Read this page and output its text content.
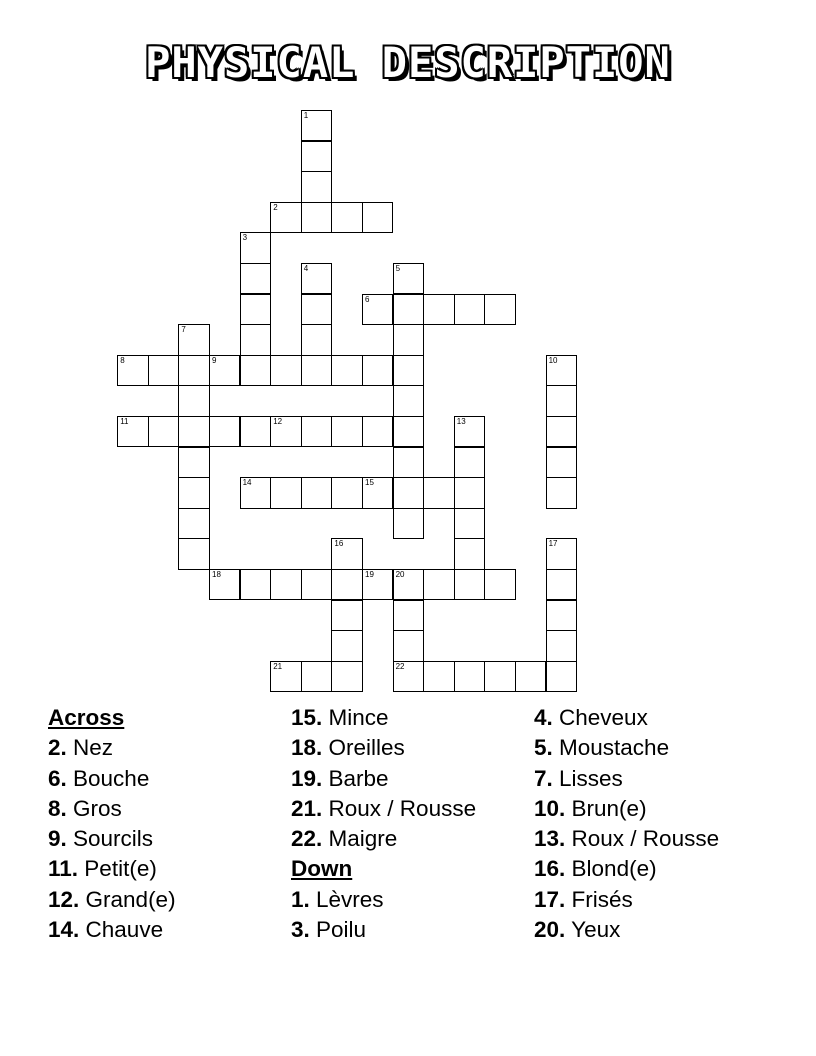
PHYSICAL DESCRIPTION
1
2
3
4	5
6
7
8	9	10
11	12	13
14	15
16	17
18	19	20
22
21
Across
2. Nez
6. Bouche
8. Gros
9. Sourcils
11. Petit(e)
12. Grand(e)
14. Chauve
15. Mince
18. Oreilles
19. Barbe
21. Roux / Rousse
22. Maigre
Down
1. Lèvres
3. Poilu
4. Cheveux
5. Moustache
7. Lisses
10. Brun(e)
13. Roux / Rousse
16. Blond(e)
17. Frisés
20. Yeux
